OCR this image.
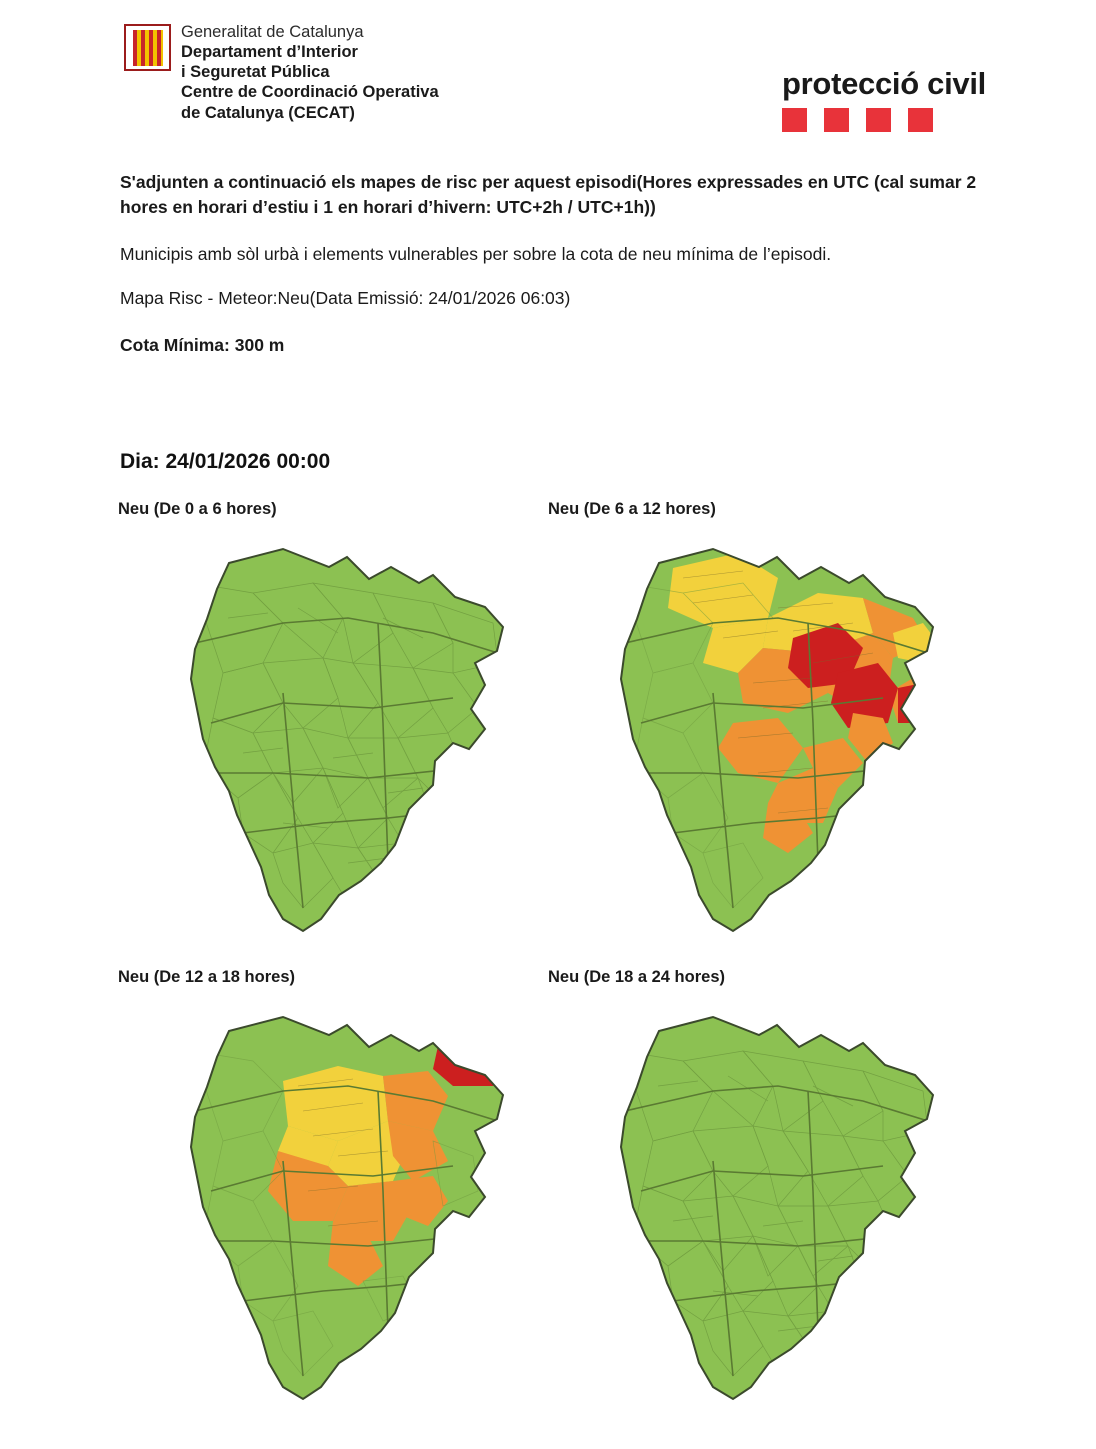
Generalitat de Catalunya
Departament d’Interior
i Seguretat Pública
Centre de Coordinació Operativa
de Catalunya (CECAT)
protecció civil
S'adjunten a continuació els mapes de risc per aquest episodi(Hores expressades en UTC (cal sumar 2 hores en horari d’estiu i 1 en horari d’hivern: UTC+2h / UTC+1h))
Municipis amb sòl urbà i elements vulnerables per sobre la cota de neu mínima de l’episodi.
Mapa Risc - Meteor:Neu(Data Emissió: 24/01/2026 06:03)
Cota Mínima: 300 m
Dia: 24/01/2026 00:00
Neu (De 0 a 6 hores)	Neu (De 6 a 12 hores)
Neu (De 12 a 18 hores)	Neu (De 18 a 24 hores)
